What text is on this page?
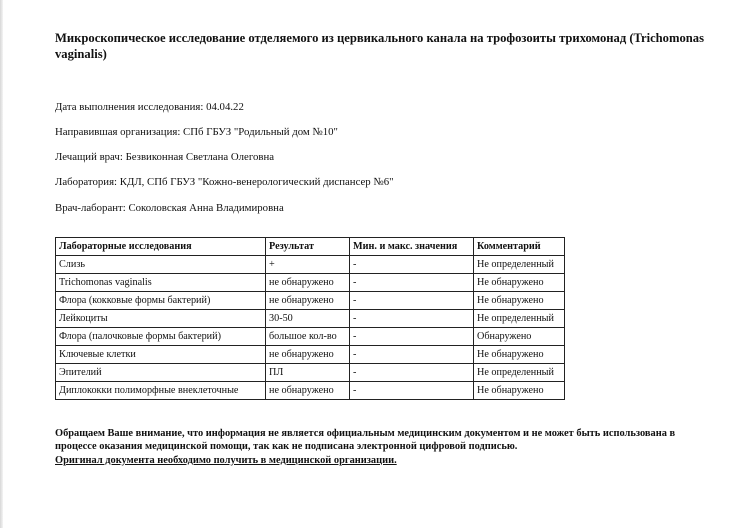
Микроскопическое исследование отделяемого из цервикального канала на трофозоиты трихомонад (Trichomonas vaginalis)
Дата выполнения исследования: 04.04.22
Направившая организация: СПб ГБУЗ "Родильный дом №10"
Лечащий врач: Безвиконная Светлана Олеговна
Лаборатория: КДЛ, СПб ГБУЗ "Кожно-венерологический диспансер №6"
Врач-лаборант: Соколовская Анна Владимировна
Лабораторные исследования	Результат	Мин. и макс. значения	Комментарий
Слизь	+	-	Не определенный
Trichomonas vaginalis	не обнаружено	-	Не обнаружено
Флора (кокковые формы бактерий)	не обнаружено	-	Не обнаружено
Лейкоциты	30-50	-	Не определенный
Флора (палочковые формы бактерий)	большое кол-во	-	Обнаружено
Ключевые клетки	не обнаружено	-	Не обнаружено
Эпителий	ПЛ	-	Не определенный
Диплококки полиморфные внеклеточные	не обнаружено	-	Не обнаружено
Обращаем Ваше внимание, что информация не является официальным медицинским документом и не может быть использована в процессе оказания медицинской помощи, так как не подписана электронной цифровой подписью.
Оригинал документа необходимо получить в медицинской организации.
